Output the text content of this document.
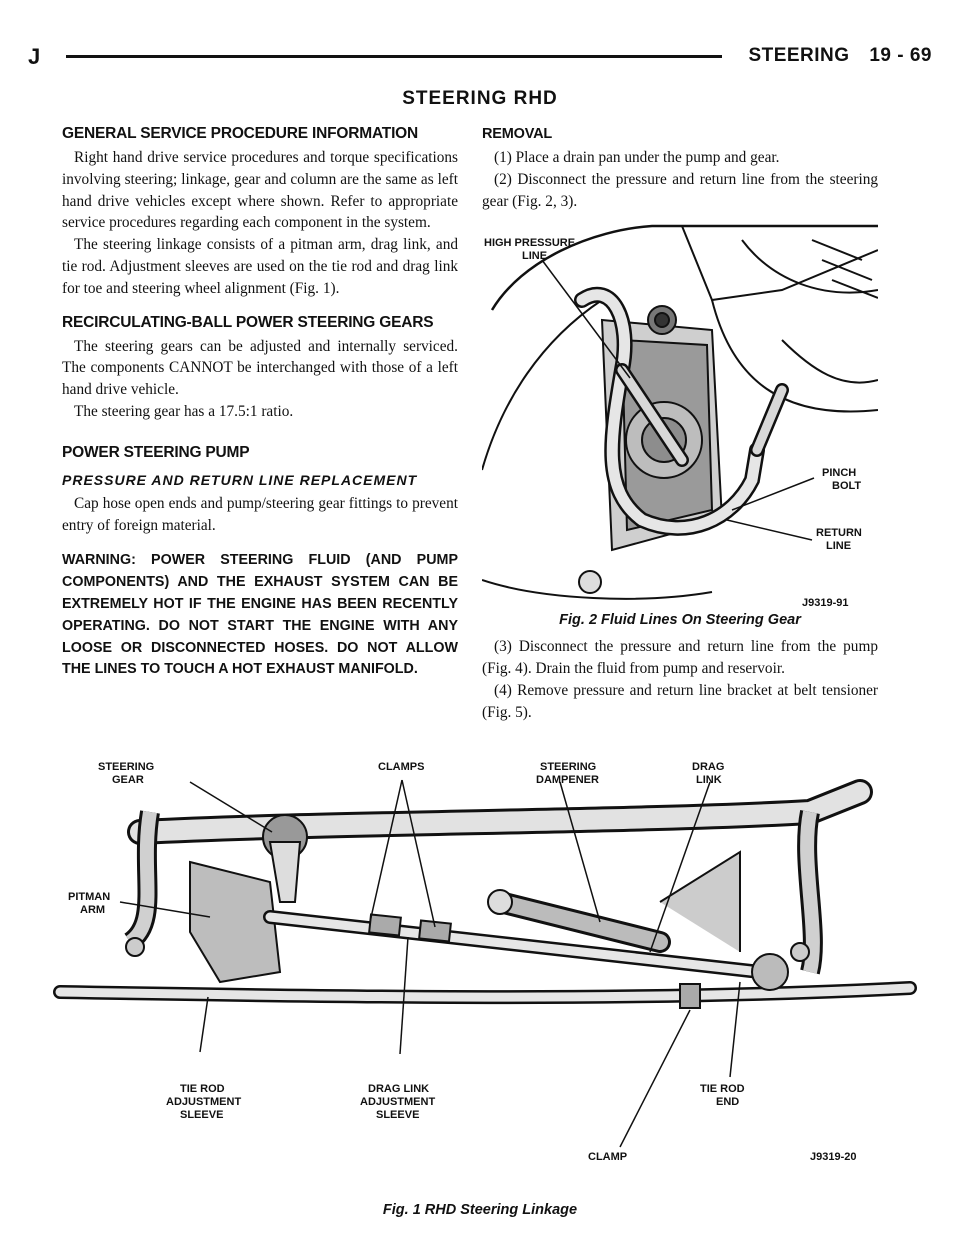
J	STEERING 19 - 69
STEERING RHD
GENERAL SERVICE PROCEDURE INFORMATION

Right hand drive service procedures and torque specifications involving steering; linkage, gear and column are the same as left hand drive vehicles except where shown. Refer to appropriate service procedures regarding each component in the system.

The steering linkage consists of a pitman arm, drag link, and tie rod. Adjustment sleeves are used on the tie rod and drag link for toe and steering wheel alignment (Fig. 1).

RECIRCULATING-BALL POWER STEERING GEARS

The steering gears can be adjusted and internally serviced. The components CANNOT be interchanged with those of a left hand drive vehicle.

The steering gear has a 17.5:1 ratio.

POWER STEERING PUMP
PRESSURE AND RETURN LINE REPLACEMENT

Cap hose open ends and pump/steering gear fittings to prevent entry of foreign material.

WARNING: POWER STEERING FLUID (AND PUMP COMPONENTS) AND THE EXHAUST SYSTEM CAN BE EXTREMELY HOT IF THE ENGINE HAS BEEN RECENTLY OPERATING. DO NOT START THE ENGINE WITH ANY LOOSE OR DISCONNECTED HOSES. DO NOT ALLOW THE LINES TO TOUCH A HOT EXHAUST MANIFOLD.
REMOVAL

(1) Place a drain pan under the pump and gear.

(2) Disconnect the pressure and return line from the steering gear (Fig. 2, 3).

HIGH PRESSURE
LINE
PINCH
BOLT
RETURN
LINE
J9319-91
Fig. 2 Fluid Lines On Steering Gear

(3) Disconnect the pressure and return line from the pump (Fig. 4). Drain the fluid from pump and reservoir.

(4) Remove pressure and return line bracket at belt tensioner (Fig. 5).

STEERING
GEAR
CLAMPS	STEERING
DAMPENER
DRAG
LINK
PITMAN
ARM
TIE ROD
ADJUSTMENT
SLEEVE
DRAG LINK
ADJUSTMENT
SLEEVE
CLAMP
TIE ROD
END
J9319-20
Fig. 1 RHD Steering Linkage
